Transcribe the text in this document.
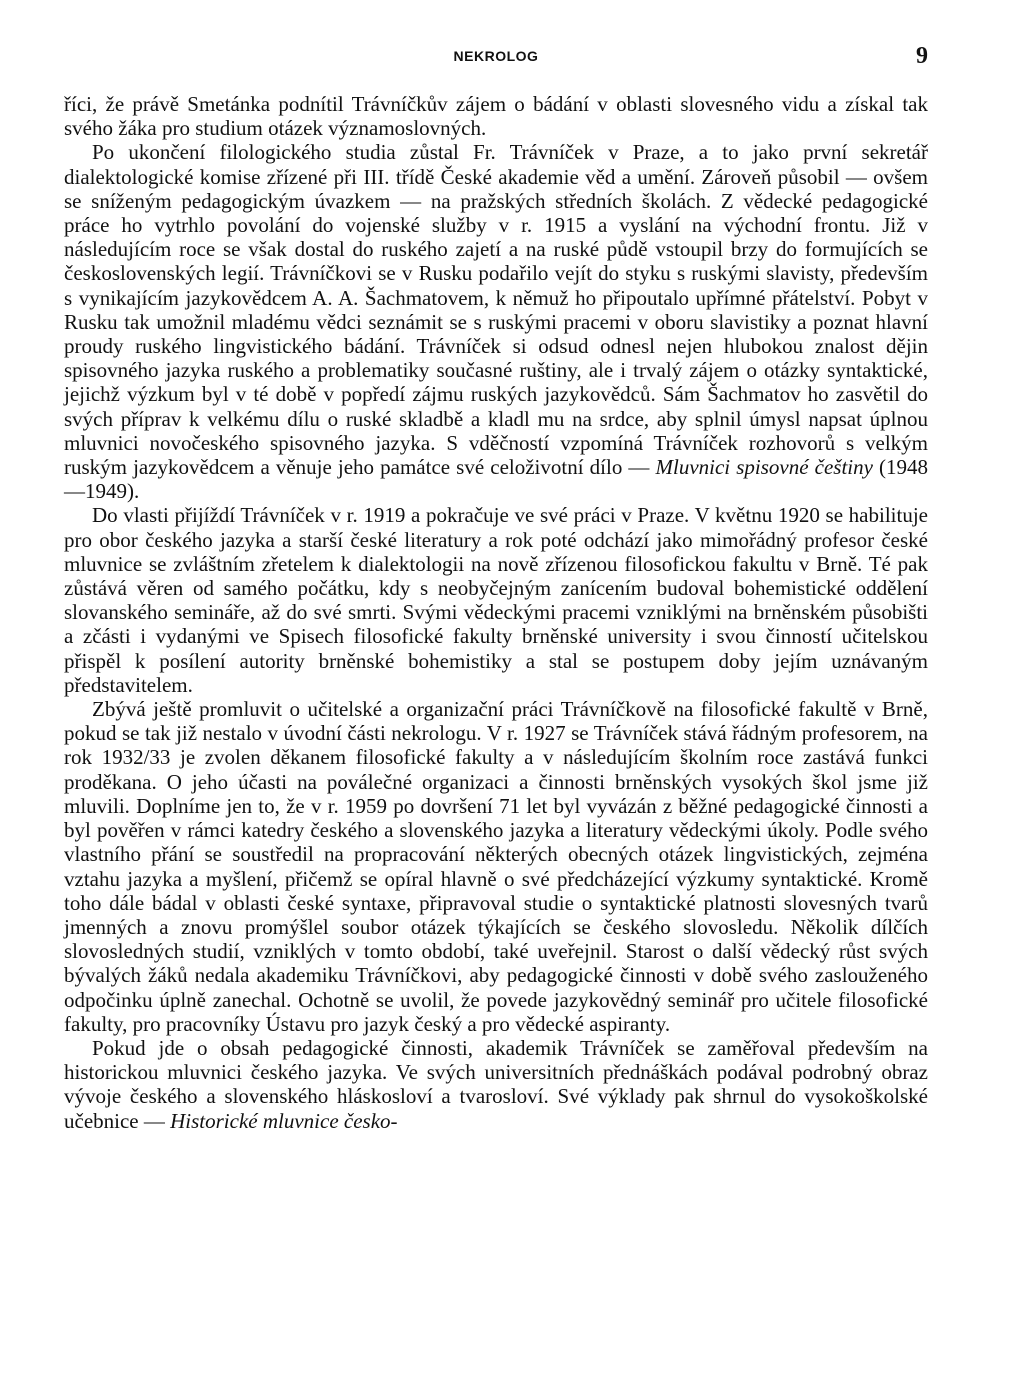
NEKROLOG	9

říci, že právě Smetánka podnítil Trávníčkův zájem o bádání v oblasti slovesného vidu a získal tak svého žáka pro studium otázek významoslovných.

Po ukončení filologického studia zůstal Fr. Trávníček v Praze, a to jako první sekretář dialektologické komise zřízené při III. třídě České akademie věd a umění. Zároveň působil — ovšem se sníženým pedagogickým úvazkem — na pražských středních školách. Z vědecké pedagogické práce ho vytrhlo povolání do vojenské služby v r. 1915 a vyslání na východní frontu. Již v následujícím roce se však dostal do ruského zajetí a na ruské půdě vstoupil brzy do formujících se československých legií. Trávníčkovi se v Rusku podařilo vejít do styku s ruskými slavisty, především s vynikajícím jazykovědcem A. A. Šachmatovem, k němuž ho připoutalo upřímné přátelství. Pobyt v Rusku tak umožnil mladému vědci seznámit se s ruskými pracemi v oboru slavistiky a poznat hlavní proudy ruského lingvistického bádání. Trávníček si odsud odnesl nejen hlubokou znalost dějin spisovného jazyka ruského a problematiky současné ruštiny, ale i trvalý zájem o otázky syntaktické, jejichž výzkum byl v té době v popředí zájmu ruských jazykovědců. Sám Šachmatov ho zasvětil do svých příprav k velkému dílu o ruské skladbě a kladl mu na srdce, aby splnil úmysl napsat úplnou mluvnici novočeského spisovného jazyka. S vděčností vzpomíná Trávníček rozhovorů s velkým ruským jazykovědcem a věnuje jeho památce své celoživotní dílo — Mluvnici spisovné češtiny (1948—1949).

Do vlasti přijíždí Trávníček v r. 1919 a pokračuje ve své práci v Praze. V květnu 1920 se habilituje pro obor českého jazyka a starší české literatury a rok poté odchází jako mimořádný profesor české mluvnice se zvláštním zřetelem k dialektologii na nově zřízenou filosofickou fakultu v Brně. Té pak zůstává věren od samého počátku, kdy s neobyčejným zanícením budoval bohemistické oddělení slovanského semináře, až do své smrti. Svými vědeckými pracemi vzniklými na brněnském působišti a zčásti i vydanými ve Spisech filosofické fakulty brněnské university i svou činností učitelskou přispěl k posílení autority brněnské bohemistiky a stal se postupem doby jejím uznávaným představitelem.

Zbývá ještě promluvit o učitelské a organizační práci Trávníčkově na filosofické fakultě v Brně, pokud se tak již nestalo v úvodní části nekrologu. V r. 1927 se Trávníček stává řádným profesorem, na rok 1932/33 je zvolen děkanem filosofické fakulty a v následujícím školním roce zastává funkci proděkana. O jeho účasti na poválečné organizaci a činnosti brněnských vysokých škol jsme již mluvili. Doplníme jen to, že v r. 1959 po dovršení 71 let byl vyvázán z běžné pedagogické činnosti a byl pověřen v rámci katedry českého a slovenského jazyka a literatury vědeckými úkoly. Podle svého vlastního přání se soustředil na propracování některých obecných otázek lingvistických, zejména vztahu jazyka a myšlení, přičemž se opíral hlavně o své předcházející výzkumy syntaktické. Kromě toho dále bádal v oblasti české syntaxe, připravoval studie o syntaktické platnosti slovesných tvarů jmenných a znovu promýšlel soubor otázek týkajících se českého slovosledu. Několik dílčích slovosledných studií, vzniklých v tomto období, také uveřejnil. Starost o další vědecký růst svých bývalých žáků nedala akademiku Trávníčkovi, aby pedagogické činnosti v době svého zaslouženého odpočinku úplně zanechal. Ochotně se uvolil, že povede jazykovědný seminář pro učitele filosofické fakulty, pro pracovníky Ústavu pro jazyk český a pro vědecké aspiranty.

Pokud jde o obsah pedagogické činnosti, akademik Trávníček se zaměřoval především na historickou mluvnici českého jazyka. Ve svých universitních přednáškách podával podrobný obraz vývoje českého a slovenského hláskosloví a tvarosloví. Své výklady pak shrnul do vysokoškolské učebnice — Historické mluvnice česko-
